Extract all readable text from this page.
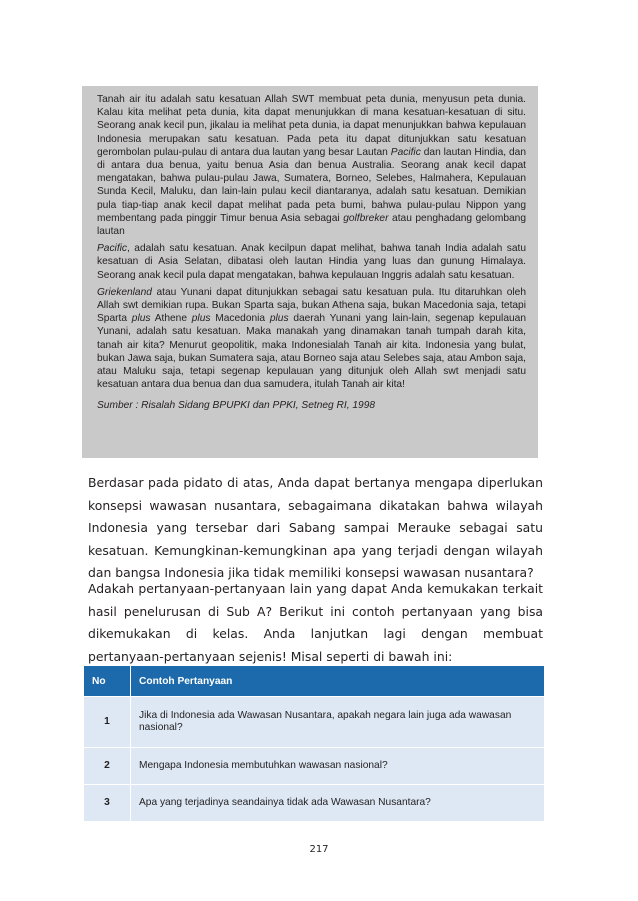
Tanah air itu adalah satu kesatuan Allah SWT membuat peta dunia, menyusun peta dunia. Kalau kita melihat peta dunia, kita dapat menunjukkan di mana kesatuan-kesatuan di situ. Seorang anak kecil pun, jikalau ia melihat peta dunia, ia dapat menunjukkan bahwa kepulauan Indonesia merupakan satu kesatuan. Pada peta itu dapat ditunjukkan satu kesatuan gerombolan pulau-pulau di antara dua lautan yang besar Lautan Pacific dan lautan Hindia, dan di antara dua benua, yaitu benua Asia dan benua Australia. Seorang anak kecil dapat mengatakan, bahwa pulau-pulau Jawa, Sumatera, Borneo, Selebes, Halmahera, Kepulauan Sunda Kecil, Maluku, dan lain-lain pulau kecil diantaranya, adalah satu kesatuan. Demikian pula tiap-tiap anak kecil dapat melihat pada peta bumi, bahwa pulau-pulau Nippon yang membentang pada pinggir Timur benua Asia sebagai golfbreker atau penghadang gelombang lautan

Pacific, adalah satu kesatuan. Anak kecilpun dapat melihat, bahwa tanah India adalah satu kesatuan di Asia Selatan, dibatasi oleh lautan Hindia yang luas dan gunung Himalaya. Seorang anak kecil pula dapat mengatakan, bahwa kepulauan Inggris adalah satu kesatuan.

Griekenland atau Yunani dapat ditunjukkan sebagai satu kesatuan pula. Itu ditaruhkan oleh Allah swt demikian rupa. Bukan Sparta saja, bukan Athena saja, bukan Macedonia saja, tetapi Sparta plus Athene plus Macedonia plus daerah Yunani yang lain-lain, segenap kepulauan Yunani, adalah satu kesatuan. Maka manakah yang dinamakan tanah tumpah darah kita, tanah air kita? Menurut geopolitik, maka Indonesialah Tanah air kita. Indonesia yang bulat, bukan Jawa saja, bukan Sumatera saja, atau Borneo saja atau Selebes saja, atau Ambon saja, atau Maluku saja, tetapi segenap kepulauan yang ditunjuk oleh Allah swt menjadi satu kesatuan antara dua benua dan dua samudera, itulah Tanah air kita!

Sumber : Risalah Sidang BPUPKI dan PPKI, Setneg RI, 1998

Berdasar pada pidato di atas, Anda dapat bertanya mengapa diperlukan konsepsi wawasan nusantara, sebagaimana dikatakan bahwa wilayah Indonesia yang tersebar dari Sabang sampai Merauke sebagai satu kesatuan. Kemungkinan-kemungkinan apa yang terjadi dengan wilayah dan bangsa Indonesia jika tidak memiliki konsepsi wawasan nusantara?

Adakah pertanyaan-pertanyaan lain yang dapat Anda kemukakan terkait hasil penelurusan di Sub A? Berikut ini contoh pertanyaan yang bisa dikemukakan di kelas. Anda lanjutkan lagi dengan membuat pertanyaan-pertanyaan sejenis! Misal seperti di bawah ini:

No	Contoh Pertanyaan
1	Jika di Indonesia ada Wawasan Nusantara, apakah negara lain juga ada wawasan nasional?
2	Mengapa Indonesia membutuhkan wawasan nasional?
3	Apa yang terjadinya seandainya tidak ada Wawasan Nusantara?
217
